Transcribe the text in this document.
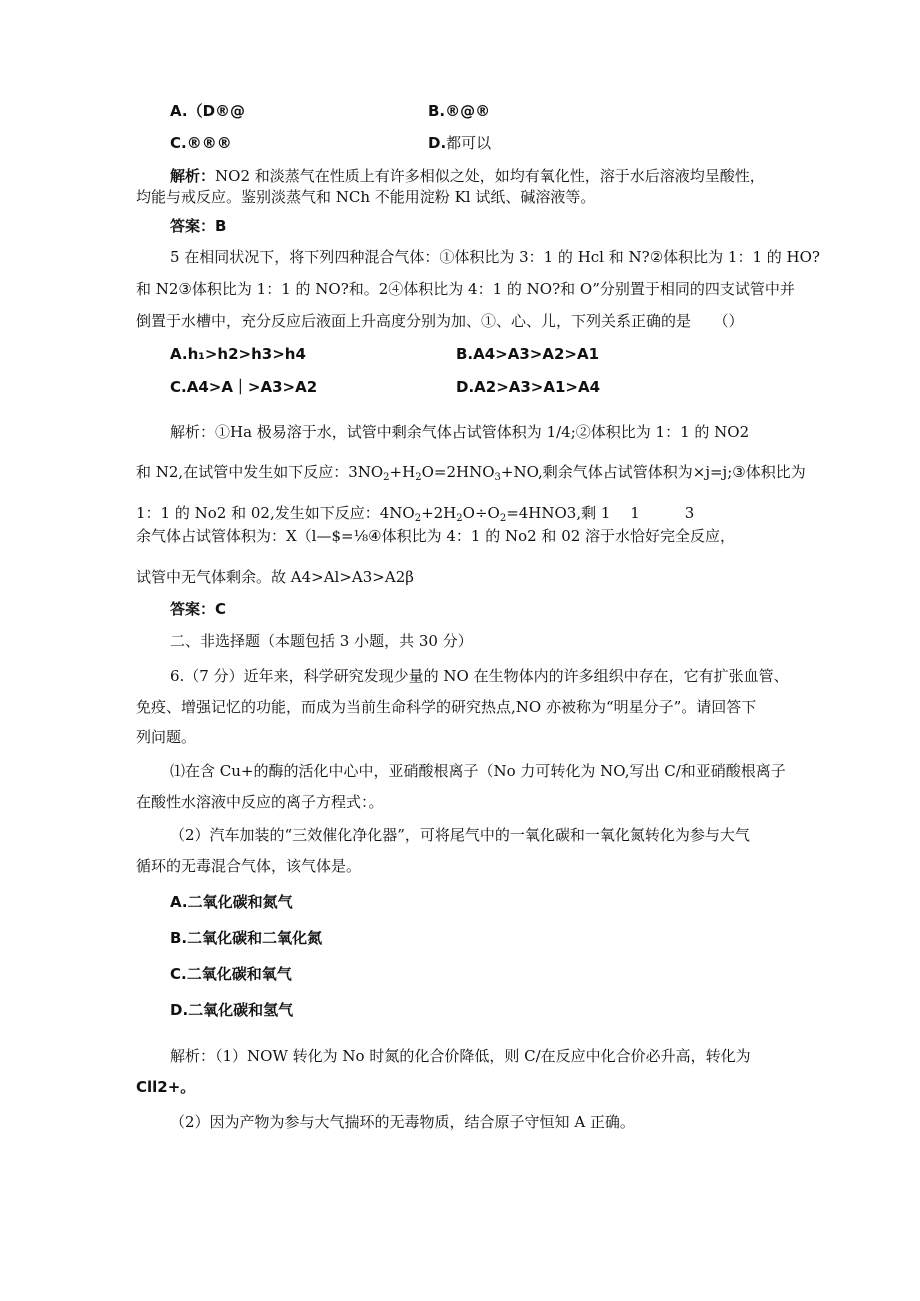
A.（D®@	B.®@®
C.®®®	D.都可以
解析：NO2 和淡蒸气在性质上有许多相似之处，如均有氧化性，溶于水后溶液均呈酸性，
均能与戒反应。鉴别淡蒸气和 NCh 不能用淀粉 Kl 试纸、碱溶液等。
答案：B
5 在相同状况下，将下列四种混合气体：①体积比为 3：1 的 Hcl 和 N?②体积比为 1：1 的 HO?
和 N2③体积比为 1：1 的 NO?和。2④体积比为 4：1 的 NO?和 O”分别置于相同的四支试管中并
倒置于水槽中，充分反应后液面上升高度分别为加、①、心、儿，下列关系正确的是　　（）
A.h₁>h2>h3>h4	B.A4>A3>A2>A1
C.A4>A｜>A3>A2	D.A2>A3>A1>A4
解析：①Ha 极易溶于水，试管中剩余气体占试管体积为 1/4;②体积比为 1：1 的 NO2
和 N2,在试管中发生如下反应：$3NO_2+H_2O=2HNO_3+NO$,剩余气体占试管体积为×j=j;③体积比为
1：1 的 No2 和 02,发生如下反应：$4NO_2+2H_2O\div O_2=4HNO3$,剩 1　 1　　　3
余气体占试管体积为：X（l—$=⅛④体积比为 4：1 的 No2 和 02 溶于水恰好完全反应，
试管中无气体剩余。故 A4>Al>A3>A2β
答案：C
二、非选择题（本题包括 3 小题，共 30 分）
6.（7 分）近年来，科学研究发现少量的 NO 在生物体内的许多组织中存在，它有扩张血管、
免疫、增强记忆的功能，而成为当前生命科学的研究热点,NO 亦被称为“明星分子”。请回答下
列问题。
⑴在含 Cu+的酶的活化中心中，亚硝酸根离子（No 力可转化为 NO,写出 C/和亚硝酸根离子
在酸性水溶液中反应的离子方程式：。
（2）汽车加装的“三效催化净化器”，可将尾气中的一氧化碳和一氧化氮转化为参与大气
循环的无毒混合气体，该气体是。
A.二氧化碳和氮气
B.二氧化碳和二氧化氮
C.二氧化碳和氧气
D.二氧化碳和氢气
解析：（1）NOW 转化为 No 时氮的化合价降低，则 C/在反应中化合价必升高，转化为
Cll2+。
（2）因为产物为参与大气揣环的无毒物质，结合原子守恒知 A 正确。
